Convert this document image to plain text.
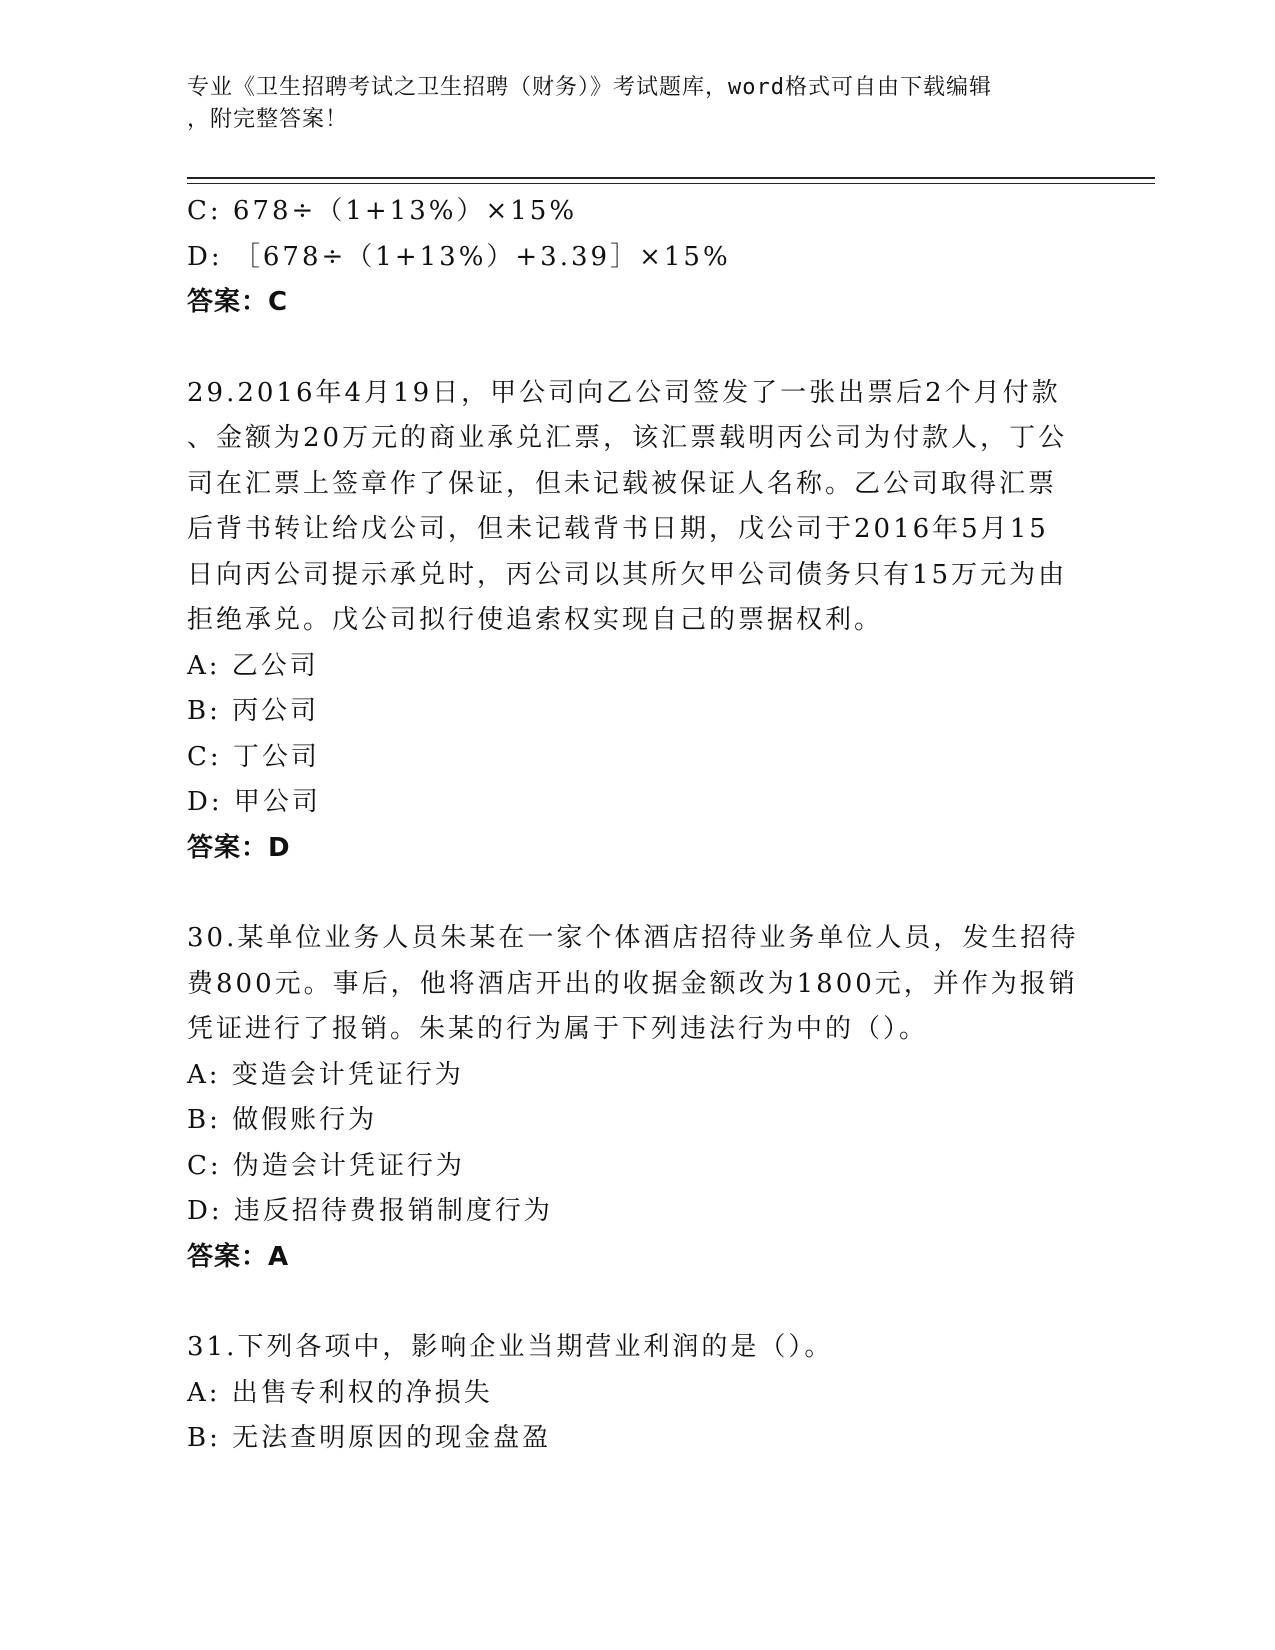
专业《卫生招聘考试之卫生招聘（财务）》考试题库，word格式可自由下载编辑
，附完整答案！
C: 678÷（1+13%）×15%
D: ［678÷（1+13%）+3.39］×15%
答案：C
29.2016年4月19日，甲公司向乙公司签发了一张出票后2个月付款
、金额为20万元的商业承兑汇票，该汇票载明丙公司为付款人，丁公
司在汇票上签章作了保证，但未记载被保证人名称。乙公司取得汇票
后背书转让给戊公司，但未记载背书日期，戊公司于2016年5月15
日向丙公司提示承兑时，丙公司以其所欠甲公司债务只有15万元为由
拒绝承兑。戊公司拟行使追索权实现自己的票据权利。
A: 乙公司
B: 丙公司
C: 丁公司
D: 甲公司
答案：D
30.某单位业务人员朱某在一家个体酒店招待业务单位人员，发生招待
费800元。事后，他将酒店开出的收据金额改为1800元，并作为报销
凭证进行了报销。朱某的行为属于下列违法行为中的（）。
A: 变造会计凭证行为
B: 做假账行为
C: 伪造会计凭证行为
D: 违反招待费报销制度行为
答案：A
31.下列各项中，影响企业当期营业利润的是（）。
A: 出售专利权的净损失
B: 无法查明原因的现金盘盈
